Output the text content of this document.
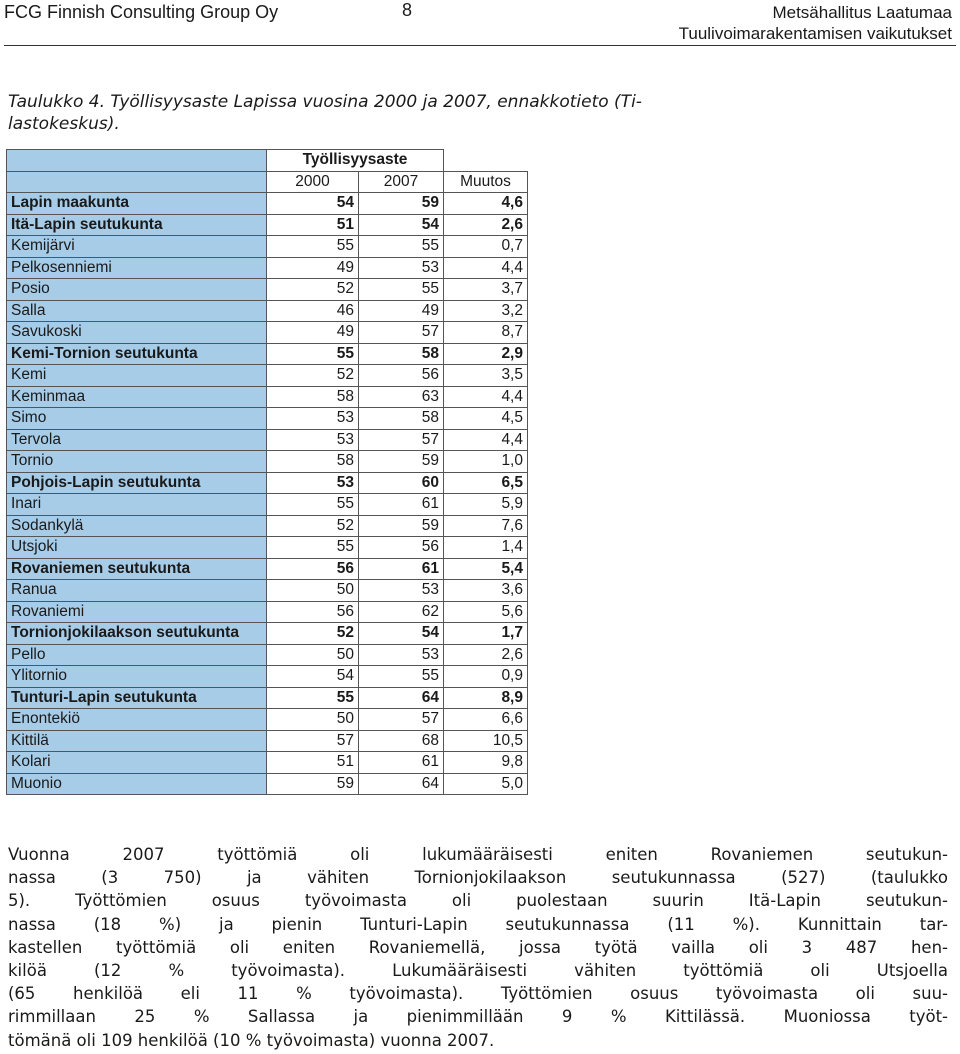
FCG Finnish Consulting Group Oy	8	Metsähallitus Laatumaa
Tuulivoimarakentamisen vaikutukset
Taulukko 4. Työllisyysaste Lapissa vuosina 2000 ja 2007, ennakkotieto (Ti-
lastokeskus).
	Työllisyysaste		
	2000	2007	Muutos
Lapin maakunta	54	59	4,6
Itä-Lapin seutukunta	51	54	2,6
Kemijärvi	55	55	0,7
Pelkosenniemi	49	53	4,4
Posio	52	55	3,7
Salla	46	49	3,2
Savukoski	49	57	8,7
Kemi-Tornion seutukunta	55	58	2,9
Kemi	52	56	3,5
Keminmaa	58	63	4,4
Simo	53	58	4,5
Tervola	53	57	4,4
Tornio	58	59	1,0
Pohjois-Lapin seutukunta	53	60	6,5
Inari	55	61	5,9
Sodankylä	52	59	7,6
Utsjoki	55	56	1,4
Rovaniemen seutukunta	56	61	5,4
Ranua	50	53	3,6
Rovaniemi	56	62	5,6
Tornionjokilaakson seutukunta	52	54	1,7
Pello	50	53	2,6
Ylitornio	54	55	0,9
Tunturi-Lapin seutukunta	55	64	8,9
Enontekiö	50	57	6,6
Kittilä	57	68	10,5
Kolari	51	61	9,8
Muonio	59	64	5,0
Vuonna 2007 työttömiä oli lukumääräisesti eniten Rovaniemen seutukun-
nassa (3 750) ja vähiten Tornionjokilaakson seutukunnassa (527) (taulukko
5). Työttömien osuus työvoimasta oli puolestaan suurin Itä-Lapin seutukun-
nassa (18 %) ja pienin Tunturi-Lapin seutukunnassa (11 %). Kunnittain tar-
kastellen työttömiä oli eniten Rovaniemellä, jossa työtä vailla oli 3 487 hen-
kilöä (12 % työvoimasta). Lukumääräisesti vähiten työttömiä oli Utsjoella
(65 henkilöä eli 11 % työvoimasta). Työttömien osuus työvoimasta oli suu-
rimmillaan 25 % Sallassa ja pienimmillään 9 % Kittilässä. Muoniossa työt-
tömänä oli 109 henkilöä (10 % työvoimasta) vuonna 2007.
